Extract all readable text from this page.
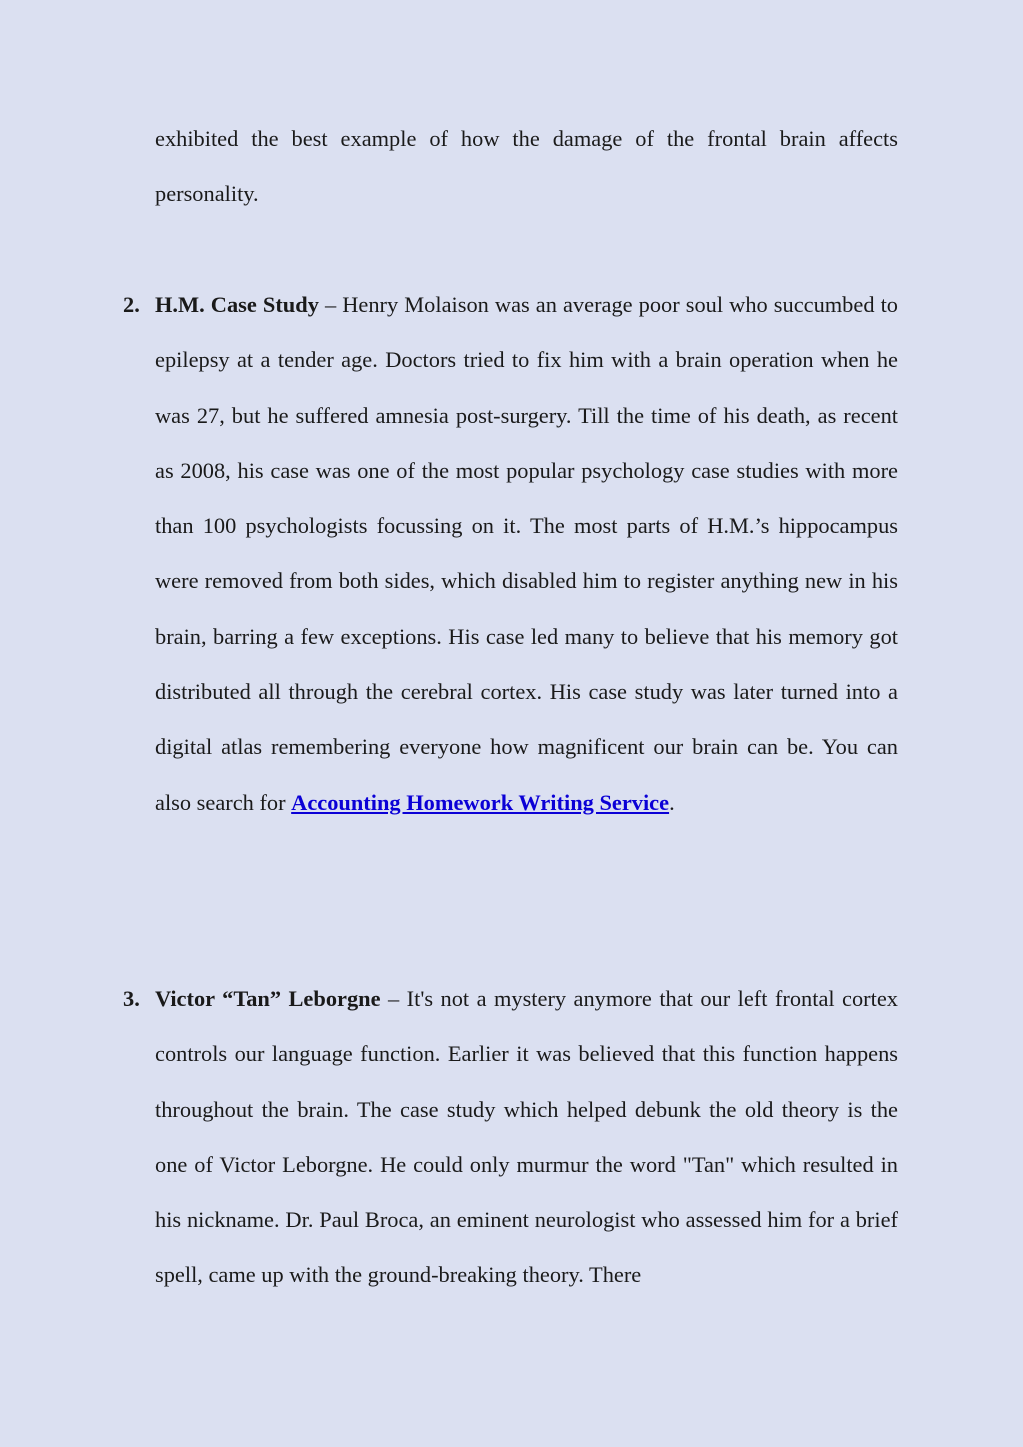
exhibited the best example of how the damage of the frontal brain affects personality.

2. H.M. Case Study – Henry Molaison was an average poor soul who succumbed to epilepsy at a tender age. Doctors tried to fix him with a brain operation when he was 27, but he suffered amnesia post-surgery. Till the time of his death, as recent as 2008, his case was one of the most popular psychology case studies with more than 100 psychologists focussing on it. The most parts of H.M.’s hippocampus were removed from both sides, which disabled him to register anything new in his brain, barring a few exceptions. His case led many to believe that his memory got distributed all through the cerebral cortex. His case study was later turned into a digital atlas remembering everyone how magnificent our brain can be. You can also search for Accounting Homework Writing Service.

3. Victor “Tan” Leborgne – It's not a mystery anymore that our left frontal cortex controls our language function. Earlier it was believed that this function happens throughout the brain. The case study which helped debunk the old theory is the one of Victor Leborgne. He could only murmur the word "Tan" which resulted in his nickname. Dr. Paul Broca, an eminent neurologist who assessed him for a brief spell, came up with the ground-breaking theory. There
